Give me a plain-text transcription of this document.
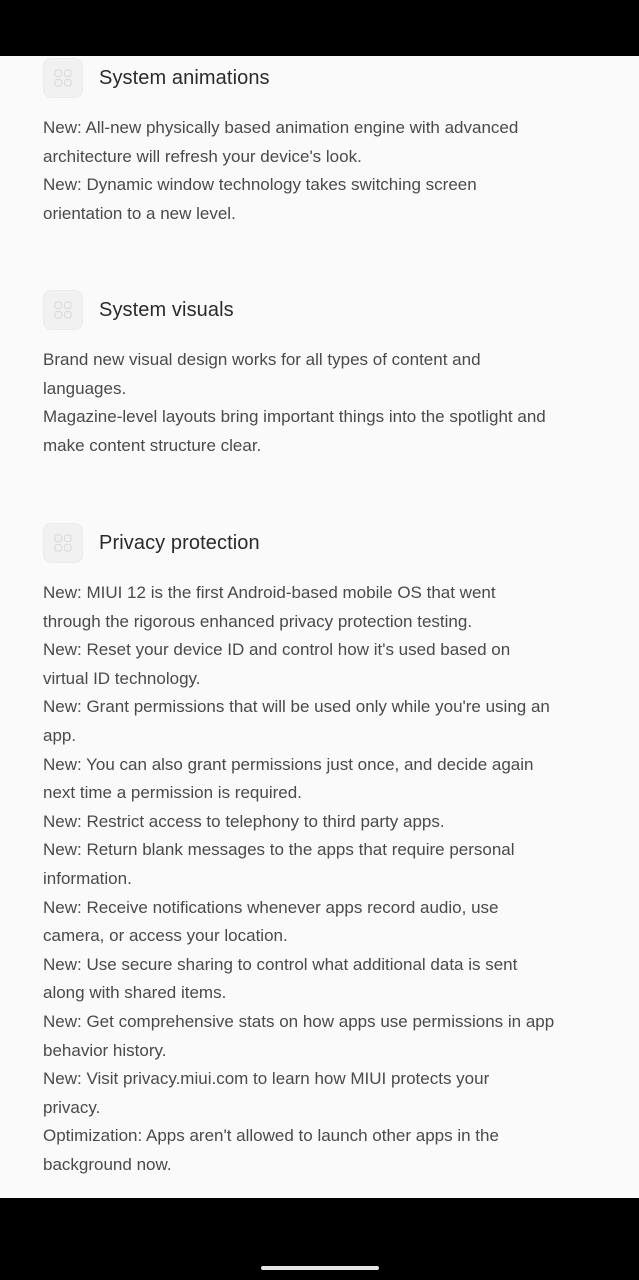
System animations
New: All-new physically based animation engine with advanced
architecture will refresh your device's look.
New: Dynamic window technology takes switching screen
orientation to a new level.
System visuals
Brand new visual design works for all types of content and
languages.
Magazine-level layouts bring important things into the spotlight and
make content structure clear.
Privacy protection
New: MIUI 12 is the first Android-based mobile OS that went
through the rigorous enhanced privacy protection testing.
New: Reset your device ID and control how it's used based on
virtual ID technology.
New: Grant permissions that will be used only while you're using an
app.
New: You can also grant permissions just once, and decide again
next time a permission is required.
New: Restrict access to telephony to third party apps.
New: Return blank messages to the apps that require personal
information.
New: Receive notifications whenever apps record audio, use
camera, or access your location.
New: Use secure sharing to control what additional data is sent
along with shared items.
New: Get comprehensive stats on how apps use permissions in app
behavior history.
New: Visit privacy.miui.com to learn how MIUI protects your
privacy.
Optimization: Apps aren't allowed to launch other apps in the
background now.
